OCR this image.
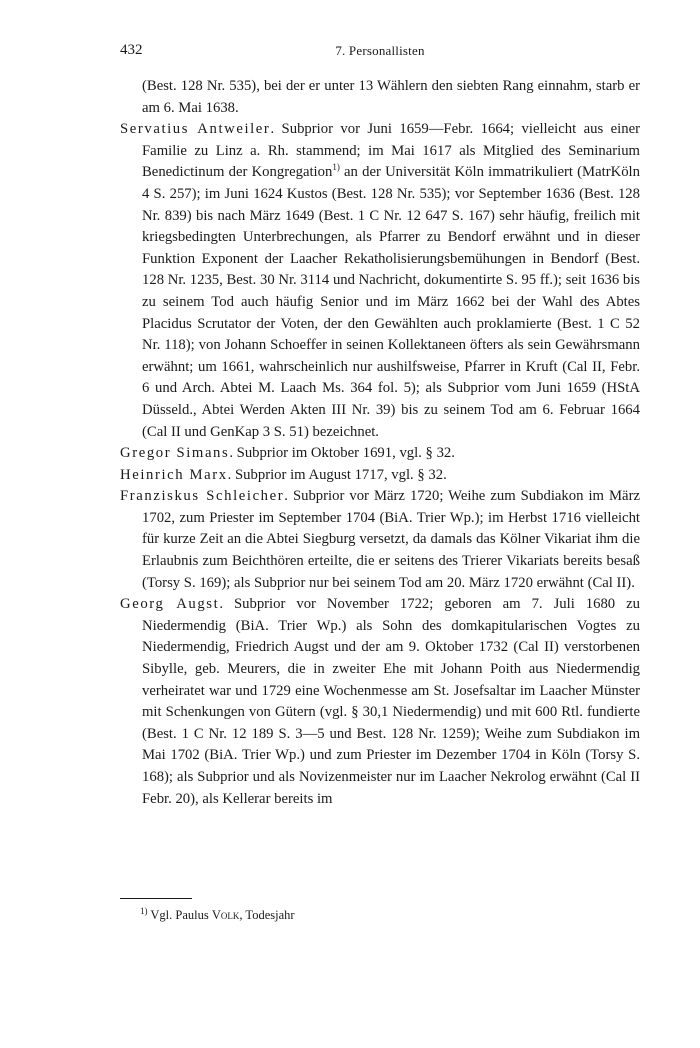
432	7. Personallisten

(Best. 128 Nr. 535), bei der er unter 13 Wählern den siebten Rang einnahm, starb er am 6. Mai 1638.

Servatius Antweiler. Subprior vor Juni 1659—Febr. 1664; vielleicht aus einer Familie zu Linz a. Rh. stammend; im Mai 1617 als Mitglied des Seminarium Benedictinum der Kongregation$^{1)}$ an der Universität Köln immatrikuliert (MatrKöln 4 S. 257); im Juni 1624 Kustos (Best. 128 Nr. 535); vor September 1636 (Best. 128 Nr. 839) bis nach März 1649 (Best. 1 C Nr. 12 647 S. 167) sehr häufig, freilich mit kriegsbedingten Unterbrechungen, als Pfarrer zu Bendorf erwähnt und in dieser Funktion Exponent der Laacher Rekatholisierungsbemühungen in Bendorf (Best. 128 Nr. 1235, Best. 30 Nr. 3114 und Nachricht, dokumentirte S. 95 ff.); seit 1636 bis zu seinem Tod auch häufig Senior und im März 1662 bei der Wahl des Abtes Placidus Scrutator der Voten, der den Gewählten auch proklamierte (Best. 1 C 52 Nr. 118); von Johann Schoeffer in seinen Kollektaneen öfters als sein Gewährsmann erwähnt; um 1661, wahrscheinlich nur aushilfsweise, Pfarrer in Kruft (Cal II, Febr. 6 und Arch. Abtei M. Laach Ms. 364 fol. 5); als Subprior vom Juni 1659 (HStA Düsseld., Abtei Werden Akten III Nr. 39) bis zu seinem Tod am 6. Februar 1664 (Cal II und GenKap 3 S. 51) bezeichnet.

Gregor Simans. Subprior im Oktober 1691, vgl. § 32.

Heinrich Marx. Subprior im August 1717, vgl. § 32.

Franziskus Schleicher. Subprior vor März 1720; Weihe zum Subdiakon im März 1702, zum Priester im September 1704 (BiA. Trier Wp.); im Herbst 1716 vielleicht für kurze Zeit an die Abtei Siegburg versetzt, da damals das Kölner Vikariat ihm die Erlaubnis zum Beichthören erteilte, die er seitens des Trierer Vikariats bereits besaß (Torsy S. 169); als Subprior nur bei seinem Tod am 20. März 1720 erwähnt (Cal II).

Georg Augst. Subprior vor November 1722; geboren am 7. Juli 1680 zu Niedermendig (BiA. Trier Wp.) als Sohn des domkapitularischen Vogtes zu Niedermendig, Friedrich Augst und der am 9. Oktober 1732 (Cal II) verstorbenen Sibylle, geb. Meurers, die in zweiter Ehe mit Johann Poith aus Niedermendig verheiratet war und 1729 eine Wochenmesse am St. Josefsaltar im Laacher Münster mit Schenkungen von Gütern (vgl. § 30,1 Niedermendig) und mit 600 Rtl. fundierte (Best. 1 C Nr. 12 189 S. 3—5 und Best. 128 Nr. 1259); Weihe zum Subdiakon im Mai 1702 (BiA. Trier Wp.) und zum Priester im Dezember 1704 in Köln (Torsy S. 168); als Subprior und als Novizenmeister nur im Laacher Nekrolog erwähnt (Cal II Febr. 20), als Kellerar bereits im

$^{1)}$ Vgl. Paulus Volk, Todesjahr
